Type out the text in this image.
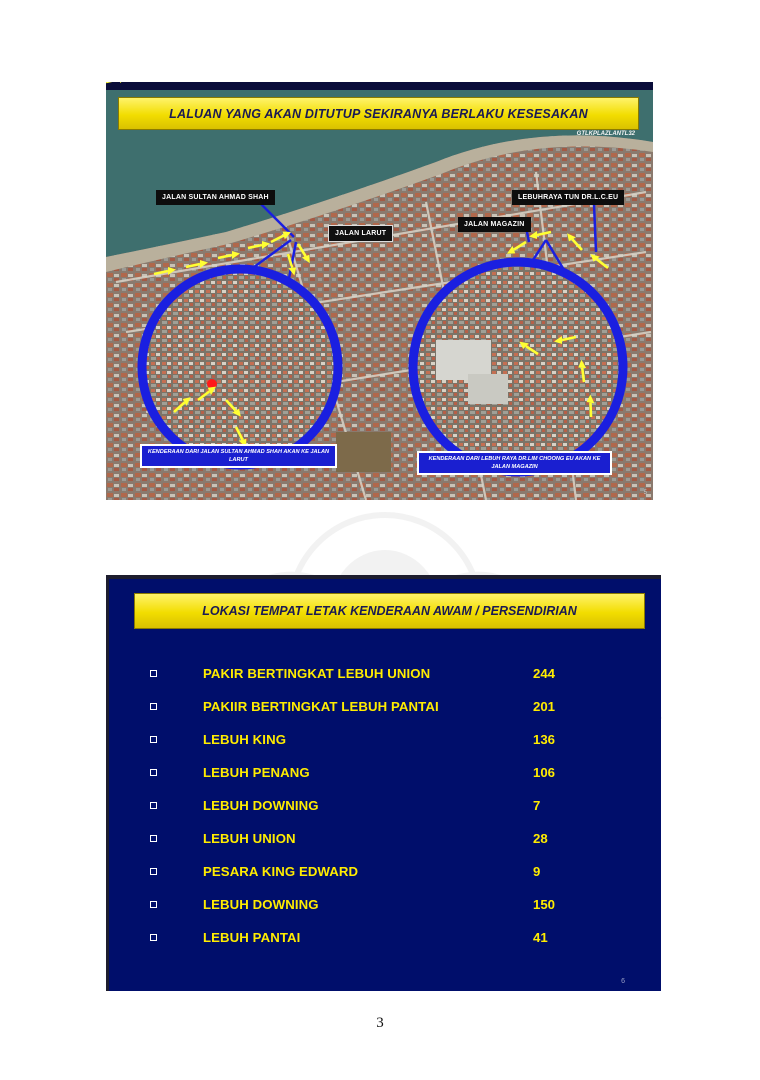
LALUAN YANG AKAN DITUTUP SEKIRANYA BERLAKU KESESAKAN
GTLKPLAZLANTL32
JALAN SULTAN AHMAD SHAH
JALAN LARUT
JALAN MAGAZIN
LEBUHRAYA TUN DR.L.C.EU
KENDERAAN DARI JALAN SULTAN AHMAD SHAH AKAN KE JALAN LARUT	KENDERAAN DARI LEBUH RAYA DR.LIM CHOONG EU AKAN KE JALAN MAGAZIN
5
LOKASI TEMPAT LETAK KENDERAAN AWAM / PERSENDIRIAN
PAKIR BERTINGKAT LEBUH UNION	244
PAKIIR BERTINGKAT LEBUH PANTAI	201
LEBUH KING	136
LEBUH PENANG	106
LEBUH DOWNING	7
LEBUH UNION	28
PESARA KING EDWARD	9
LEBUH DOWNING	150
LEBUH PANTAI	41
6
3
